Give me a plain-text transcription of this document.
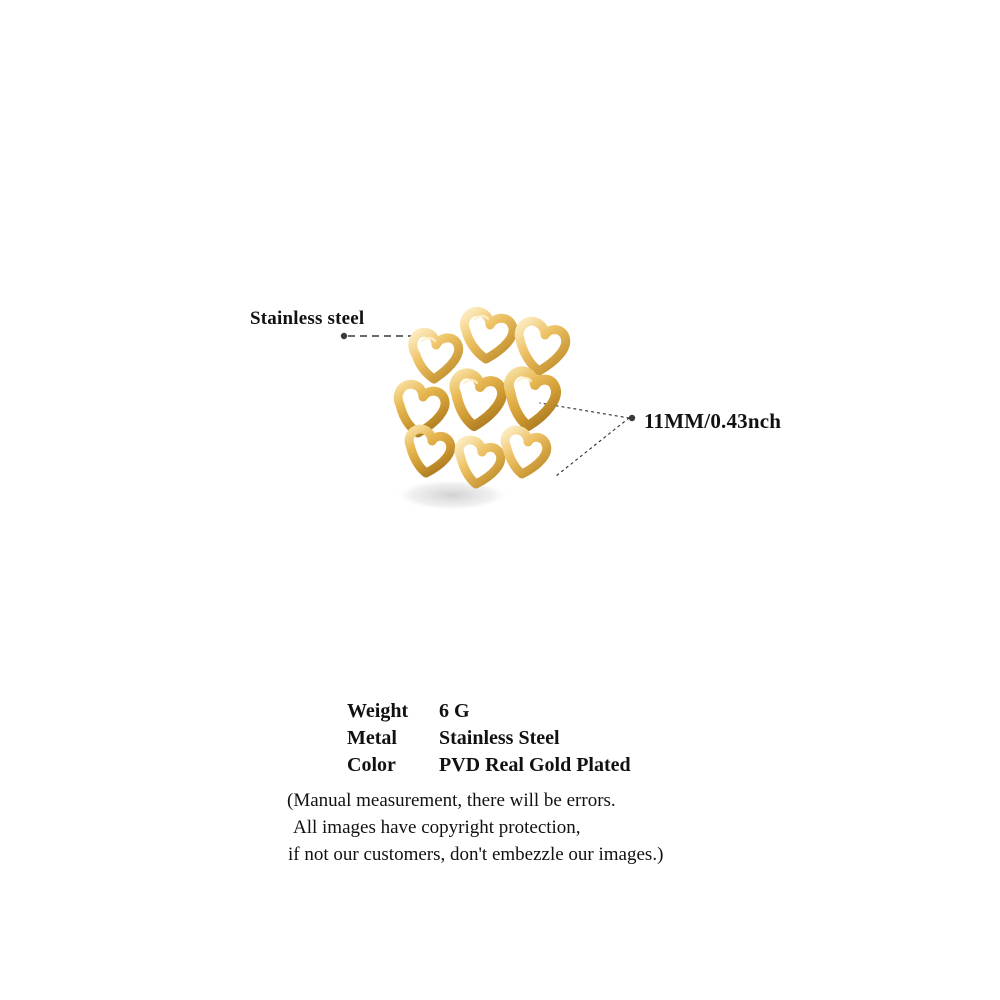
Stainless steel
11MM/0.43nch
Weight	6 G
Metal	Stainless Steel
Color	PVD Real Gold Plated
(Manual measurement, there will be errors.
All images have copyright protection,
if not our customers, don't embezzle our images.)
